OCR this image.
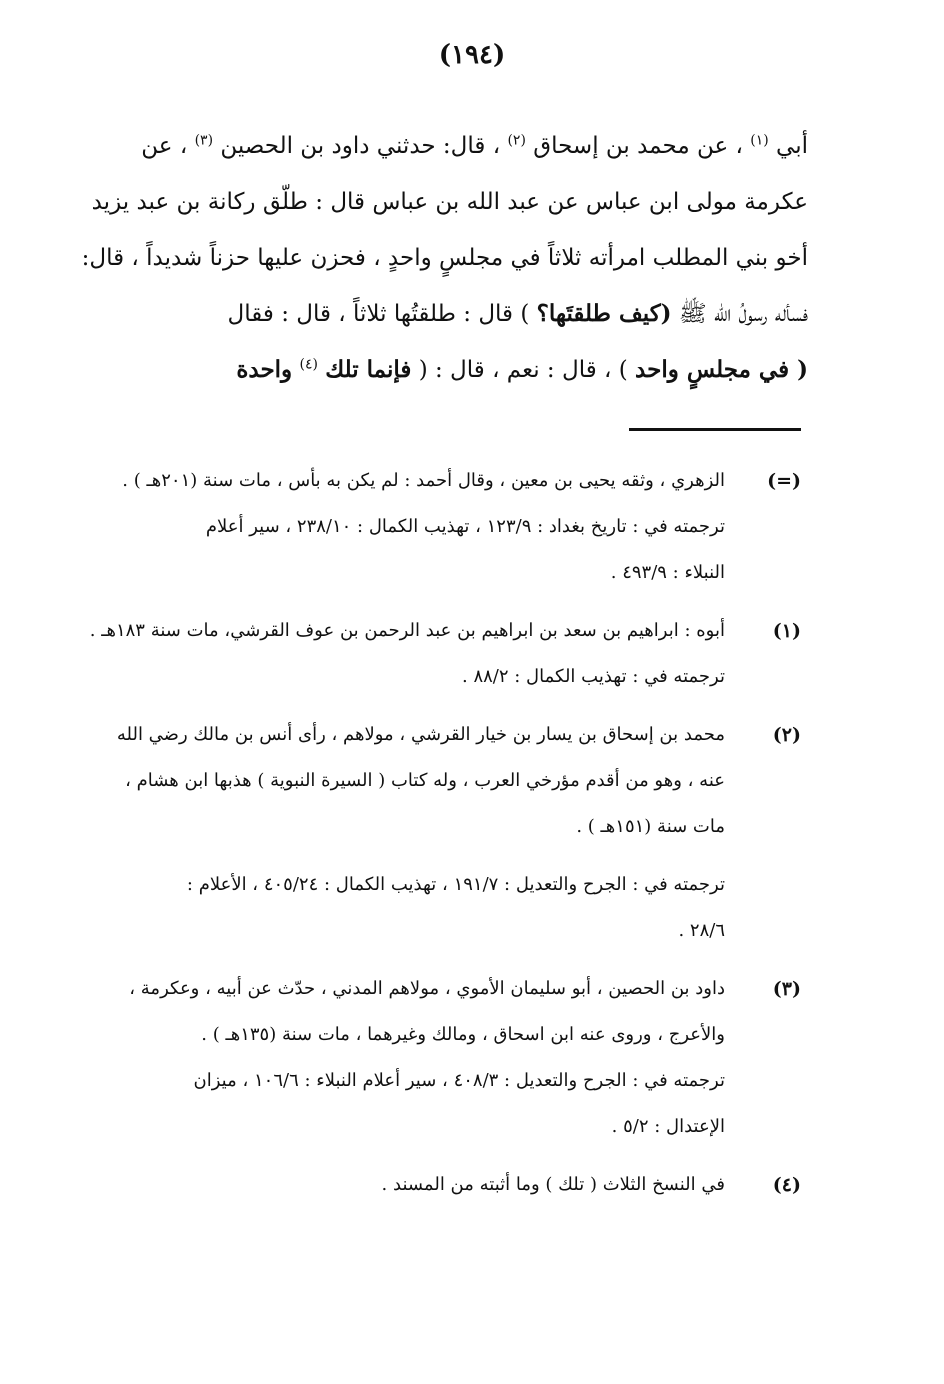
(١٩٤)
أبي $^{(١)}$ ، عن محمد بن إسحاق $^{(٢)}$ ، قال: حدثني داود بن الحصين $^{(٣)}$ ، عن
عكرمة مولى ابن عباس عن عبد الله بن عباس قال : طلّق ركانة بن عبد يزيد
أخو بني المطلب امرأته ثلاثاً في مجلسٍ واحدٍ ، فحزن عليها حزناً شديداً ، قال:
فسأله رسولُ الله ﷺ (كيف طلقتَها؟ ) قال : طلقتُها ثلاثاً ، قال : فقال
( في مجلسٍ واحد ) ، قال : نعم ، قال : ( فإنما تلك $^{(٤)}$ واحدة
(=)
الزهري ، وثقه يحيى بن معين ، وقال أحمد : لم يكن به بأس ، مات سنة (٢٠١هـ ) .
ترجمته في : تاريخ بغداد : ١٢٣/٩ ، تهذيب الكمال : ٢٣٨/١٠ ، سير أعلام
النبلاء : ٤٩٣/٩ .
(١)
أبوه : ابراهيم بن سعد بن ابراهيم بن عبد الرحمن بن عوف القرشي، مات سنة ١٨٣هـ .
ترجمته في : تهذيب الكمال : ٨٨/٢ .
(٢)
محمد بن إسحاق بن يسار بن خيار القرشي ، مولاهم ، رأى أنس بن مالك رضي الله
عنه ، وهو من أقدم مؤرخي العرب ، وله كتاب ( السيرة النبوية ) هذبها ابن هشام ،
مات سنة (١٥١هـ ) .
ترجمته في : الجرح والتعديل : ١٩١/٧ ، تهذيب الكمال : ٤٠٥/٢٤ ، الأعلام :
٢٨/٦ .
(٣)
داود بن الحصين ، أبو سليمان الأموي ، مولاهم المدني ، حدّث عن أبيه ، وعكرمة ،
والأعرج ، وروى عنه ابن اسحاق ، ومالك وغيرهما ، مات سنة (١٣٥هـ ) .
ترجمته في : الجرح والتعديل : ٤٠٨/٣ ، سير أعلام النبلاء : ١٠٦/٦ ، ميزان
الإعتدال : ٥/٢ .
(٤)
في النسخ الثلاث ( تلك ) وما أثبته من المسند .
